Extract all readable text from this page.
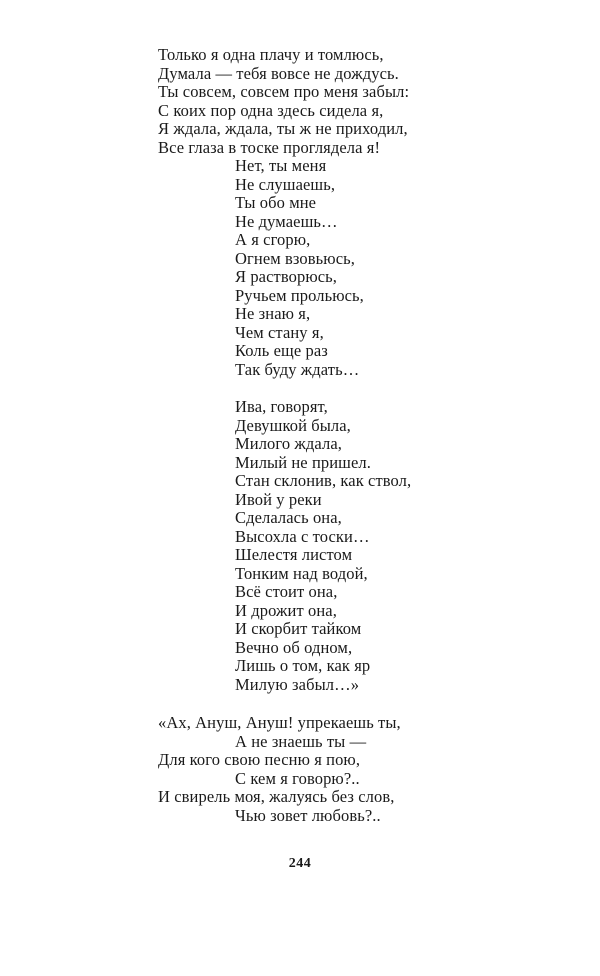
Только я одна плачу и томлюсь,
Думала — тебя вовсе не дождусь.
Ты совсем, совсем про меня забыл:
С коих пор одна здесь сидела я,
Я ждала, ждала, ты ж не приходил,
Все глаза в тоске проглядела я!
Нет, ты меня
Не слушаешь,
Ты обо мне
Не думаешь…
А я сгорю,
Огнем взовьюсь,
Я растворюсь,
Ручьем прольюсь,
Не знаю я,
Чем стану я,
Коль еще раз
Так буду ждать…
Ива, говорят,
Девушкой была,
Милого ждала,
Милый не пришел.
Стан склонив, как ствол,
Ивой у реки
Сделалась она,
Высохла с тоски…
Шелестя листом
Тонким над водой,
Всё стоит она,
И дрожит она,
И скорбит тайком
Вечно об одном,
Лишь о том, как яр
Милую забыл…»
«Ах, Ануш, Ануш! упрекаешь ты,
А не знаешь ты —
Для кого свою песню я пою,
С кем я говорю?..
И свирель моя, жалуясь без слов,
Чью зовет любовь?..
244
